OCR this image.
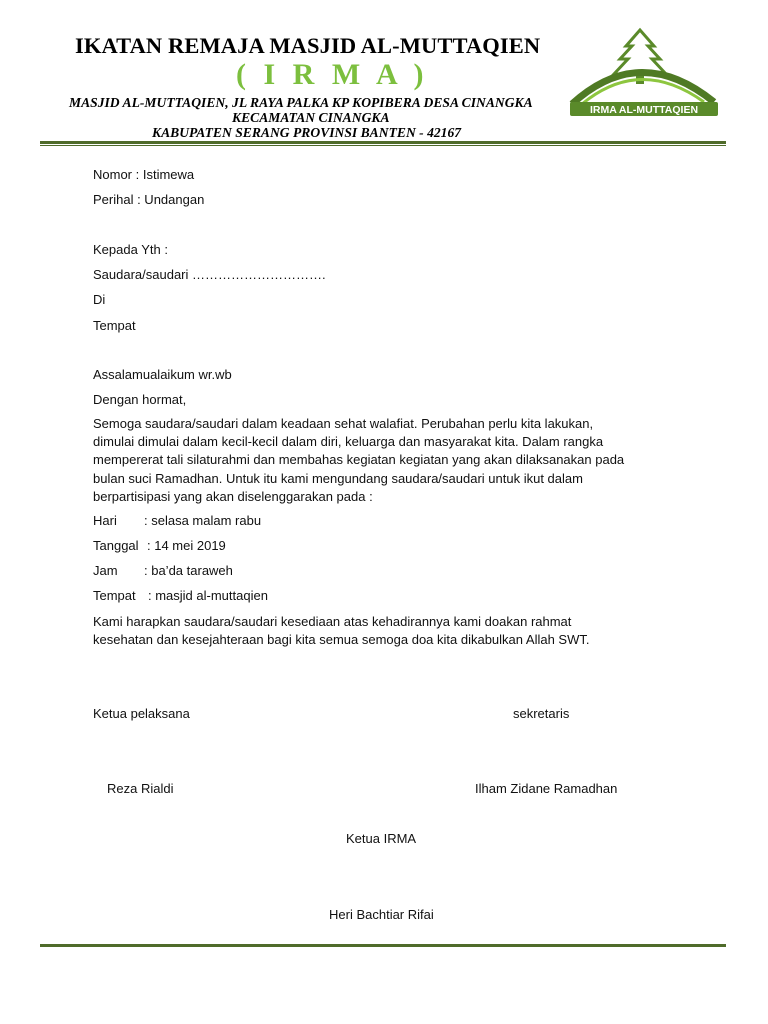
IKATAN REMAJA MASJID AL-MUTTAQIEN
( I R M A )
MASJID AL-MUTTAQIEN, JL RAYA PALKA KP KOPIBERA DESA CINANGKA
KECAMATAN CINANGKA
KABUPATEN SERANG PROVINSI BANTEN - 42167
IRMA AL-MUTTAQIEN
Nomor : Istimewa
Perihal : Undangan
Kepada Yth :
Saudara/saudari ………………………….
Di
Tempat
Assalamualaikum wr.wb
Dengan hormat,
Semoga saudara/saudari dalam keadaan sehat walafiat. Perubahan perlu kita lakukan,
dimulai dimulai dalam kecil-kecil dalam diri, keluarga dan masyarakat kita. Dalam rangka
mempererat tali silaturahmi dan membahas kegiatan kegiatan yang akan dilaksanakan pada
bulan suci Ramadhan. Untuk itu kami mengundang saudara/saudari untuk ikut dalam
berpartisipasi yang akan diselenggarakan pada :
Hari : selasa malam rabu
Tanggal : 14 mei 2019
Jam : ba’da taraweh
Tempat : masjid al-muttaqien
Kami harapkan saudara/saudari kesediaan atas kehadirannya kami doakan rahmat
kesehatan dan kesejahteraan bagi kita semua semoga doa kita dikabulkan Allah SWT.
Ketua pelaksana	sekretaris
Reza Rialdi	Ilham Zidane Ramadhan
Ketua IRMA
Heri Bachtiar Rifai
